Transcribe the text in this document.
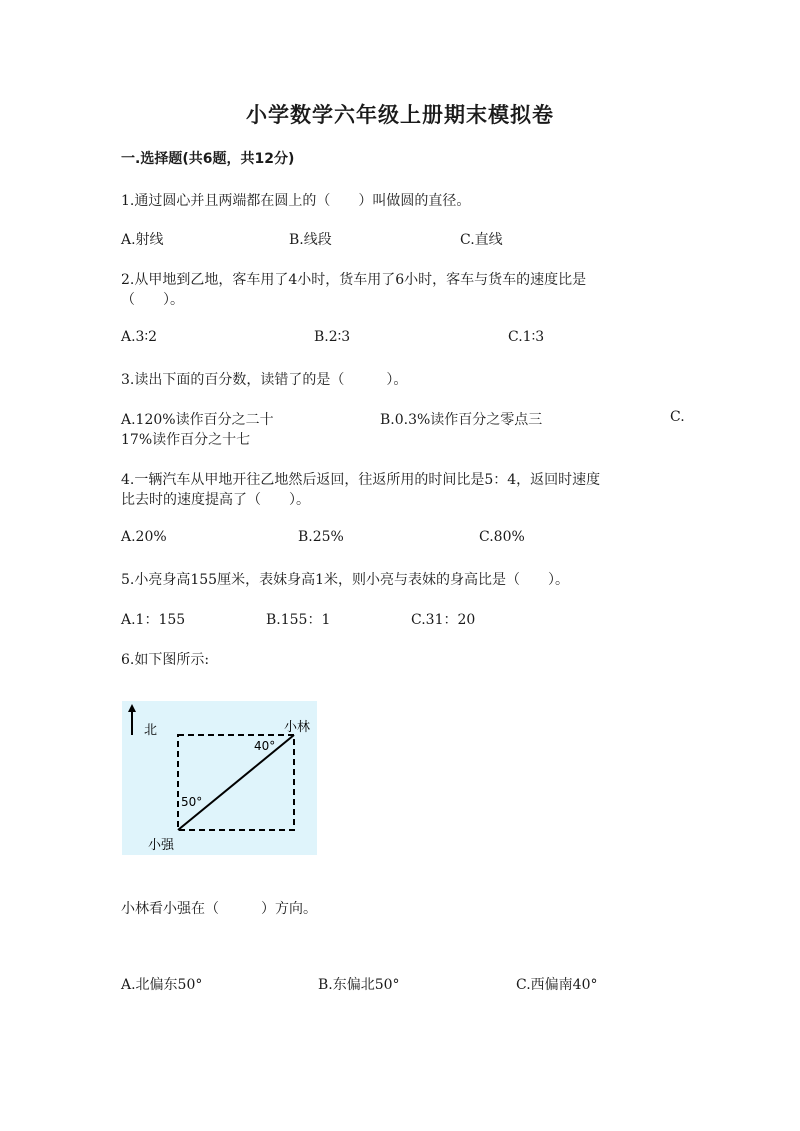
小学数学六年级上册期末模拟卷
一.选择题(共6题，共12分)
1.通过圆心并且两端都在圆上的（　　）叫做圆的直径。
A.射线	B.线段	C.直线
2.从甲地到乙地，客车用了4小时，货车用了6小时，客车与货车的速度比是
（　　）。
A.3∶2	B.2∶3	C.1∶3
3.读出下面的百分数，读错了的是（　　　）。
A.120%读作百分之二十	B.0.3%读作百分之零点三	C.
17%读作百分之十七
4.一辆汽车从甲地开往乙地然后返回，往返所用的时间比是5：4，返回时速度
比去时的速度提高了（　　）。
A.20%	B.25%	C.80%
5.小亮身高155厘米，表妹身高1米，则小亮与表妹的身高比是（　　）。
A.1：155	B.155：1	C.31：20
6.如下图所示:
北	小林
40°
50°
小强
小林看小强在（　　　）方向。
A.北偏东50°	B.东偏北50°	C.西偏南40°
